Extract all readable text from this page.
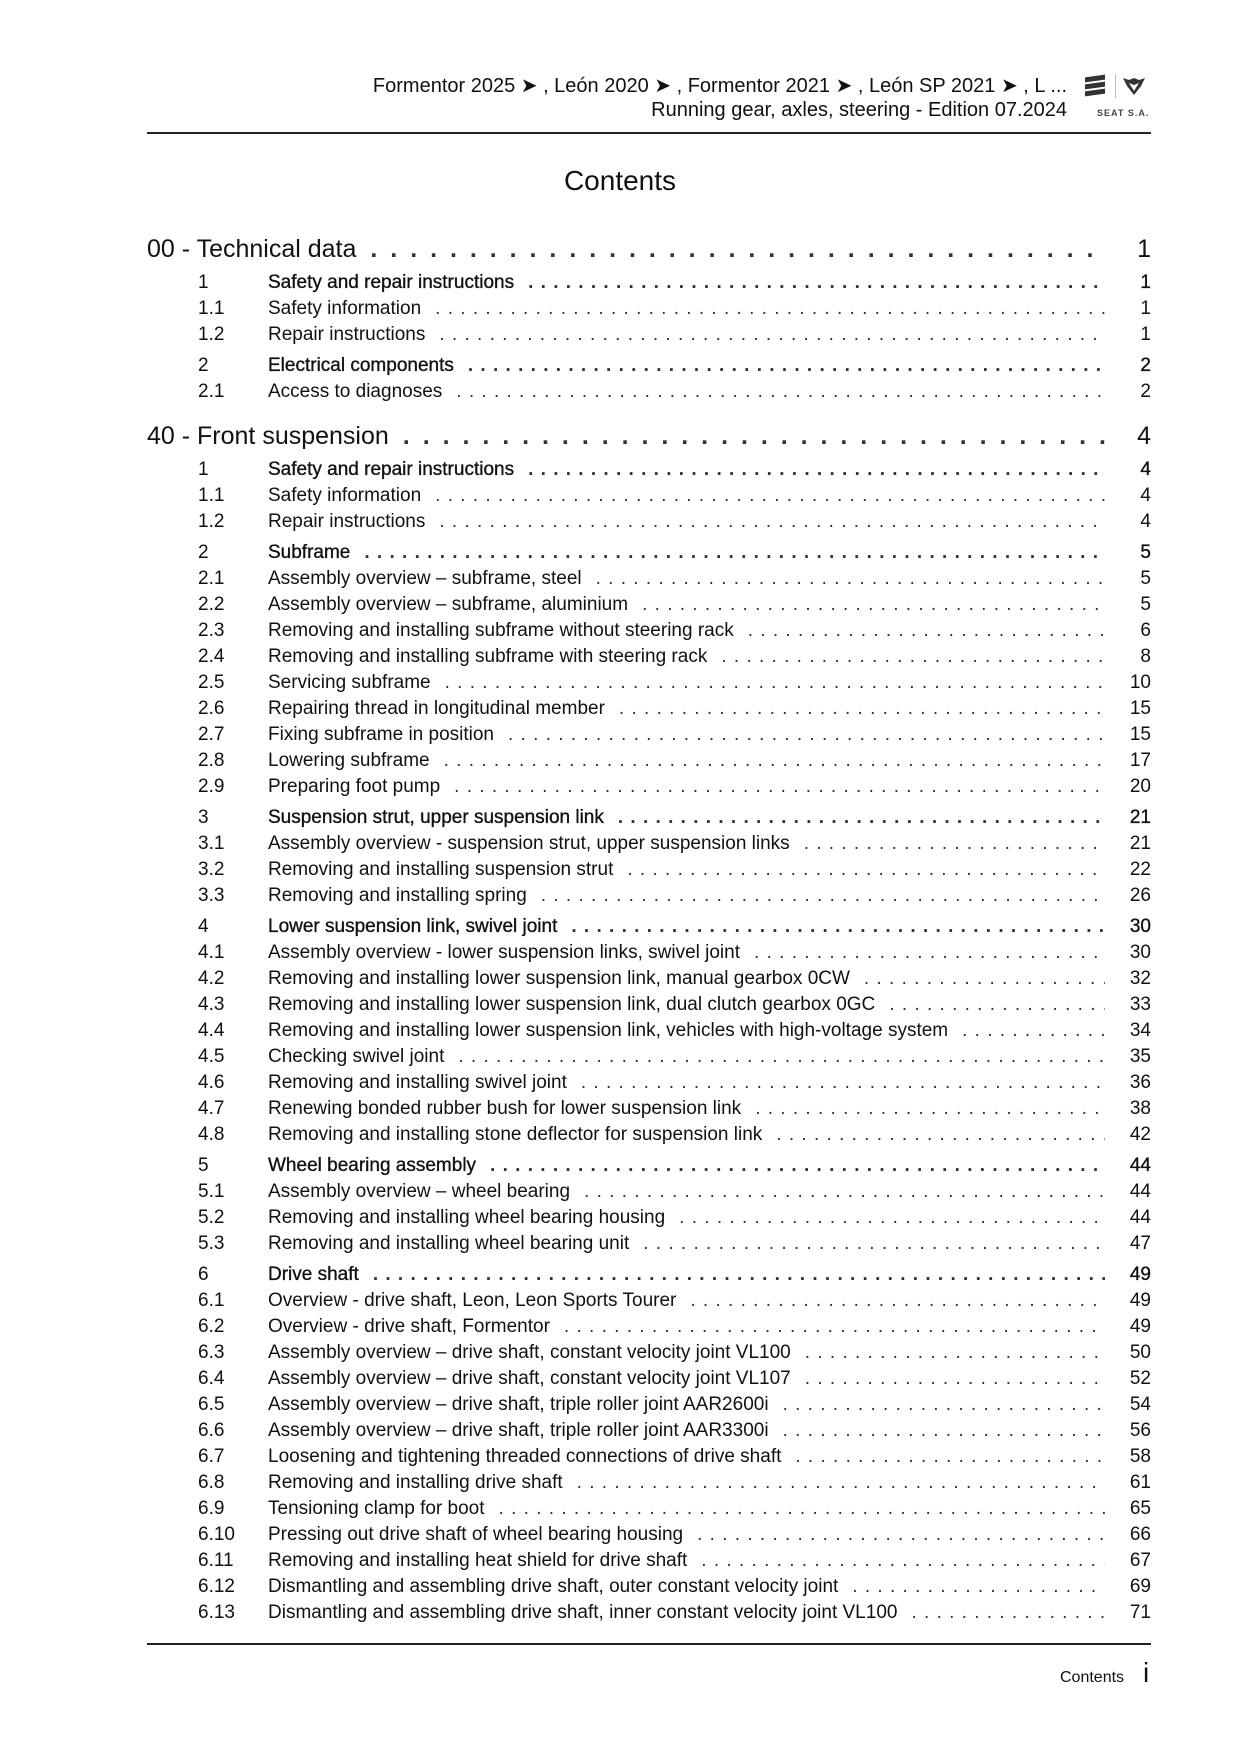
Formentor 2025 ➤ , León 2020 ➤ , Formentor 2021 ➤ , León SP 2021 ➤ , L ...
Running gear, axles, steering - Edition 07.2024	SEAT S.A.
Contents
00 - Technical data . . .	1
1	Safety and repair instructions . . .	1
1.1	Safety information . . .	1
1.2	Repair instructions . . .	1
2	Electrical components . . .	2
2.1	Access to diagnoses . . .	2
40 - Front suspension . . .	4
1	Safety and repair instructions . . .	4
1.1	Safety information . . .	4
1.2	Repair instructions . . .	4
2	Subframe . . .	5
2.1	Assembly overview – subframe, steel . . .	5
2.2	Assembly overview – subframe, aluminium . . .	5
2.3	Removing and installing subframe without steering rack . . .	6
2.4	Removing and installing subframe with steering rack . . .	8
2.5	Servicing subframe . . .	10
2.6	Repairing thread in longitudinal member . . .	15
2.7	Fixing subframe in position . . .	15
2.8	Lowering subframe . . .	17
2.9	Preparing foot pump . . .	20
3	Suspension strut, upper suspension link . . .	21
3.1	Assembly overview - suspension strut, upper suspension links . . .	21
3.2	Removing and installing suspension strut . . .	22
3.3	Removing and installing spring . . .	26
4	Lower suspension link, swivel joint . . .	30
4.1	Assembly overview - lower suspension links, swivel joint . . .	30
4.2	Removing and installing lower suspension link, manual gearbox 0CW . . .	32
4.3	Removing and installing lower suspension link, dual clutch gearbox 0GC . . .	33
4.4	Removing and installing lower suspension link, vehicles with high-voltage system . . .	34
4.5	Checking swivel joint . . .	35
4.6	Removing and installing swivel joint . . .	36
4.7	Renewing bonded rubber bush for lower suspension link . . .	38
4.8	Removing and installing stone deflector for suspension link . . .	42
5	Wheel bearing assembly . . .	44
5.1	Assembly overview – wheel bearing . . .	44
5.2	Removing and installing wheel bearing housing . . .	44
5.3	Removing and installing wheel bearing unit . . .	47
6	Drive shaft . . .	49
6.1	Overview - drive shaft, Leon, Leon Sports Tourer . . .	49
6.2	Overview - drive shaft, Formentor . . .	49
6.3	Assembly overview – drive shaft, constant velocity joint VL100 . . .	50
6.4	Assembly overview – drive shaft, constant velocity joint VL107 . . .	52
6.5	Assembly overview – drive shaft, triple roller joint AAR2600i . . .	54
6.6	Assembly overview – drive shaft, triple roller joint AAR3300i . . .	56
6.7	Loosening and tightening threaded connections of drive shaft . . .	58
6.8	Removing and installing drive shaft . . .	61
6.9	Tensioning clamp for boot . . .	65
6.10	Pressing out drive shaft of wheel bearing housing . . .	66
6.11	Removing and installing heat shield for drive shaft . . .	67
6.12	Dismantling and assembling drive shaft, outer constant velocity joint . . .	69
6.13	Dismantling and assembling drive shaft, inner constant velocity joint VL100 . . .	71
Contents i
